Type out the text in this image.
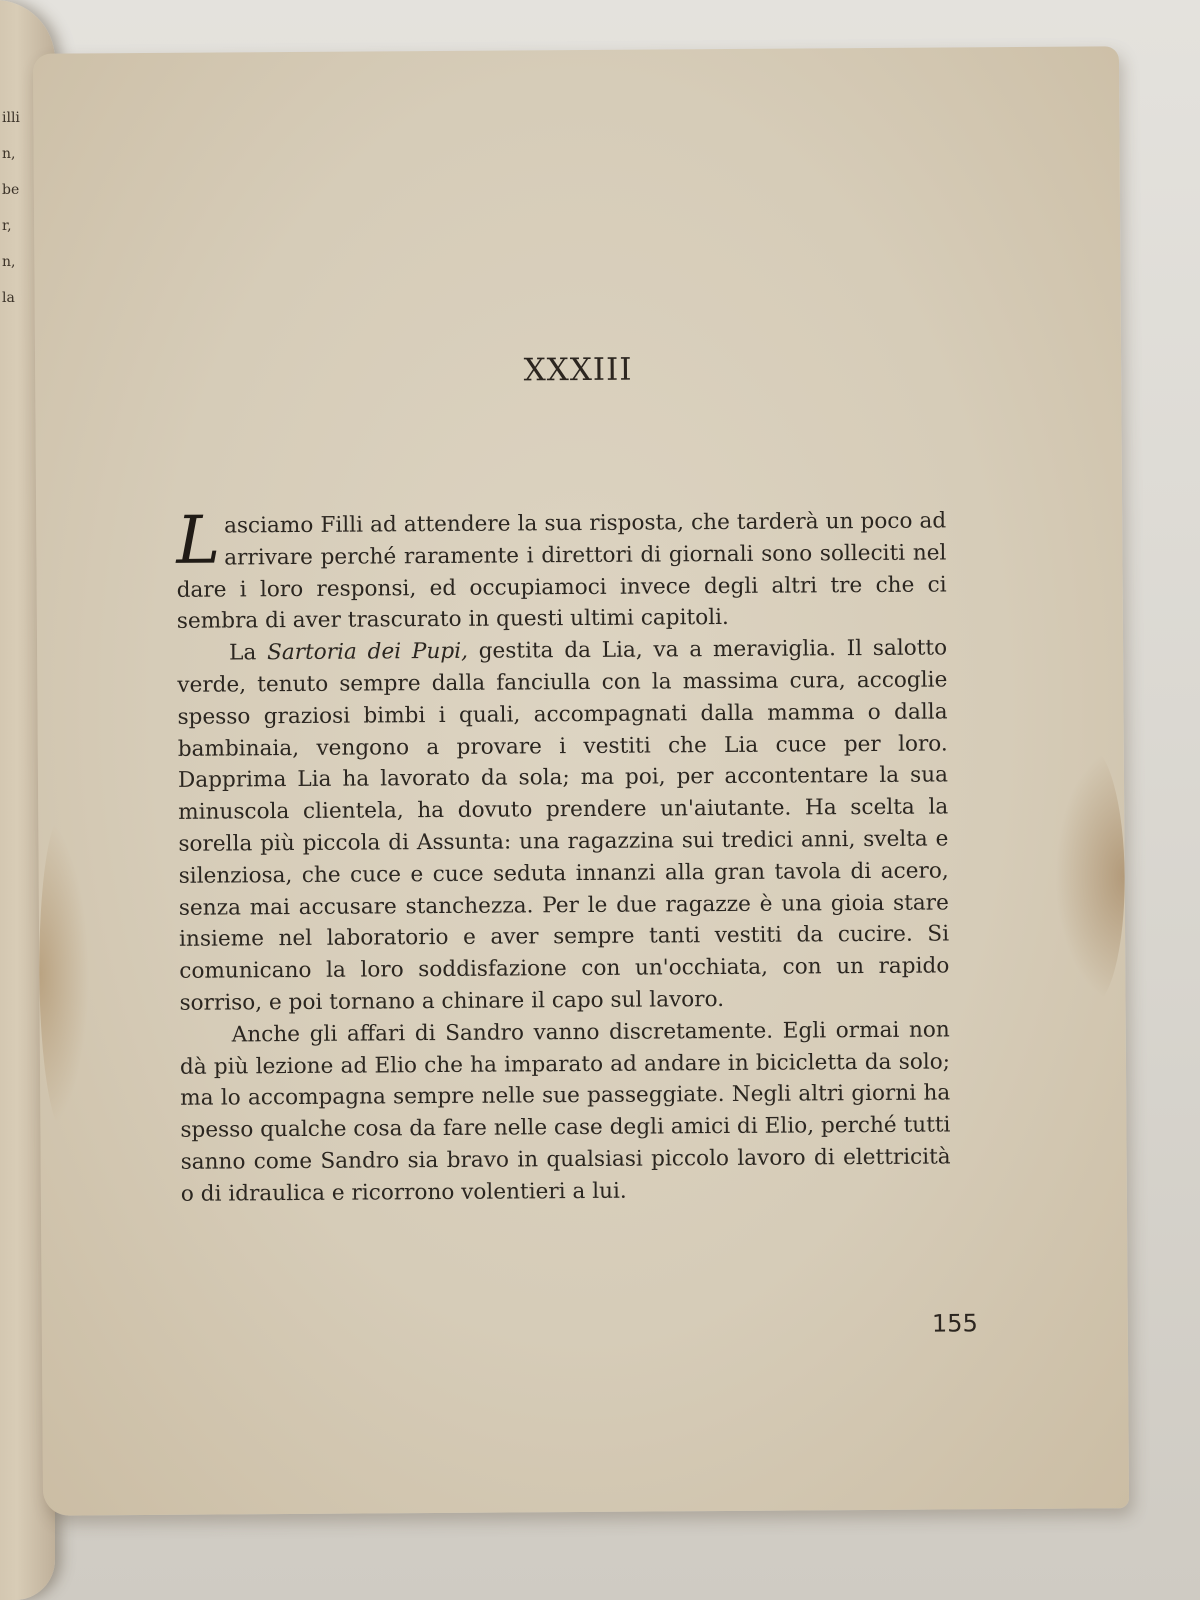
illi
n,
be
r,
n,
la
XXXIII

Lasciamo Filli ad attendere la sua risposta, che tarderà un poco ad arrivare perché raramente i direttori di giornali sono solleciti nel dare i loro responsi, ed occupiamoci invece degli altri tre che ci sembra di aver trascurato in questi ultimi capitoli.

La Sartoria dei Pupi, gestita da Lia, va a meraviglia. Il salotto verde, tenuto sempre dalla fanciulla con la massima cura, accoglie spesso graziosi bimbi i quali, accompagnati dalla mamma o dalla bambinaia, vengono a provare i vestiti che Lia cuce per loro. Dapprima Lia ha lavorato da sola; ma poi, per accontentare la sua minuscola clientela, ha dovuto prendere un'aiutante. Ha scelta la sorella più piccola di Assunta: una ragazzina sui tredici anni, svelta e silenziosa, che cuce e cuce seduta innanzi alla gran tavola di acero, senza mai accusare stanchezza. Per le due ragazze è una gioia stare insieme nel laboratorio e aver sempre tanti vestiti da cucire. Si comunicano la loro soddisfazione con un'occhiata, con un rapido sorriso, e poi tornano a chinare il capo sul lavoro.

Anche gli affari di Sandro vanno discretamente. Egli ormai non dà più lezione ad Elio che ha imparato ad andare in bicicletta da solo; ma lo accompagna sempre nelle sue passeggiate. Negli altri giorni ha spesso qualche cosa da fare nelle case degli amici di Elio, perché tutti sanno come Sandro sia bravo in qualsiasi piccolo lavoro di elettricità o di idraulica e ricorrono volentieri a lui.

155
